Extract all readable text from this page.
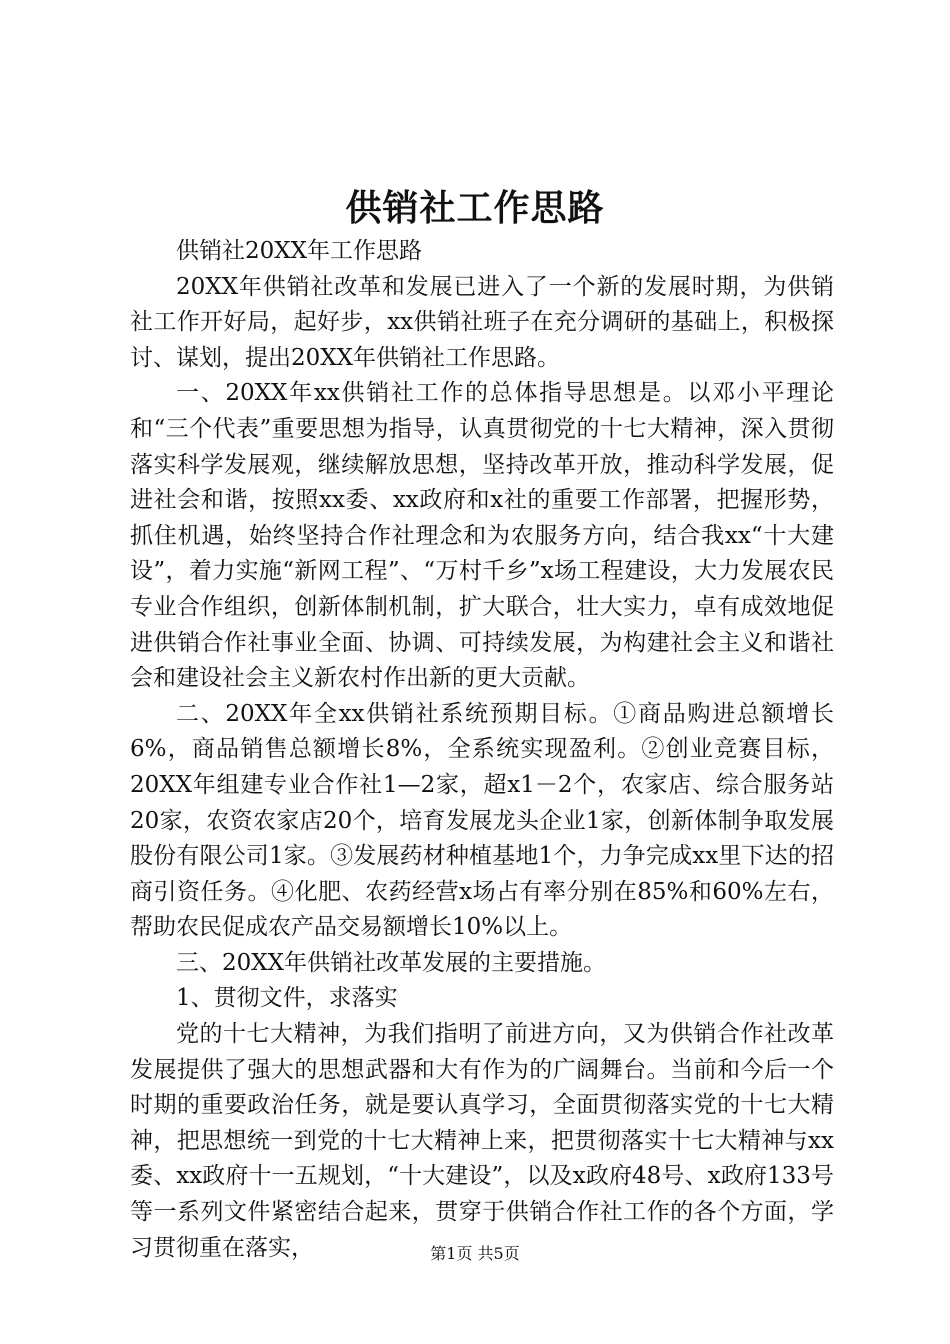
供销社工作思路

供销社20XX年工作思路

20XX年供销社改革和发展已进入了一个新的发展时期，为供销社工作开好局，起好步，xx供销社班子在充分调研的基础上，积极探讨、谋划，提出20XX年供销社工作思路。

一、20XX年xx供销社工作的总体指导思想是。以邓小平理论和“三个代表”重要思想为指导，认真贯彻党的十七大精神，深入贯彻落实科学发展观，继续解放思想，坚持改革开放，推动科学发展，促进社会和谐，按照xx委、xx政府和x社的重要工作部署，把握形势，抓住机遇，始终坚持合作社理念和为农服务方向，结合我xx“十大建设”，着力实施“新网工程”、“万村千乡”x场工程建设，大力发展农民专业合作组织，创新体制机制，扩大联合，壮大实力，卓有成效地促进供销合作社事业全面、协调、可持续发展，为构建社会主义和谐社会和建设社会主义新农村作出新的更大贡献。

二、20XX年全xx供销社系统预期目标。①商品购进总额增长6%，商品销售总额增长8%，全系统实现盈利。②创业竞赛目标，20XX年组建专业合作社1—2家，超x1－2个，农家店、综合服务站20家，农资农家店20个，培育发展龙头企业1家，创新体制争取发展股份有限公司1家。③发展药材种植基地1个，力争完成xx里下达的招商引资任务。④化肥、农药经营x场占有率分别在85%和60%左右，帮助农民促成农产品交易额增长10%以上。

三、20XX年供销社改革发展的主要措施。

1、贯彻文件，求落实

党的十七大精神，为我们指明了前进方向，又为供销合作社改革发展提供了强大的思想武器和大有作为的广阔舞台。当前和今后一个时期的重要政治任务，就是要认真学习，全面贯彻落实党的十七大精神，把思想统一到党的十七大精神上来，把贯彻落实十七大精神与xx委、xx政府十一五规划，“十大建设”，以及x政府48号、x政府133号等一系列文件紧密结合起来，贯穿于供销合作社工作的各个方面，学习贯彻重在落实，	第1页 共5页
